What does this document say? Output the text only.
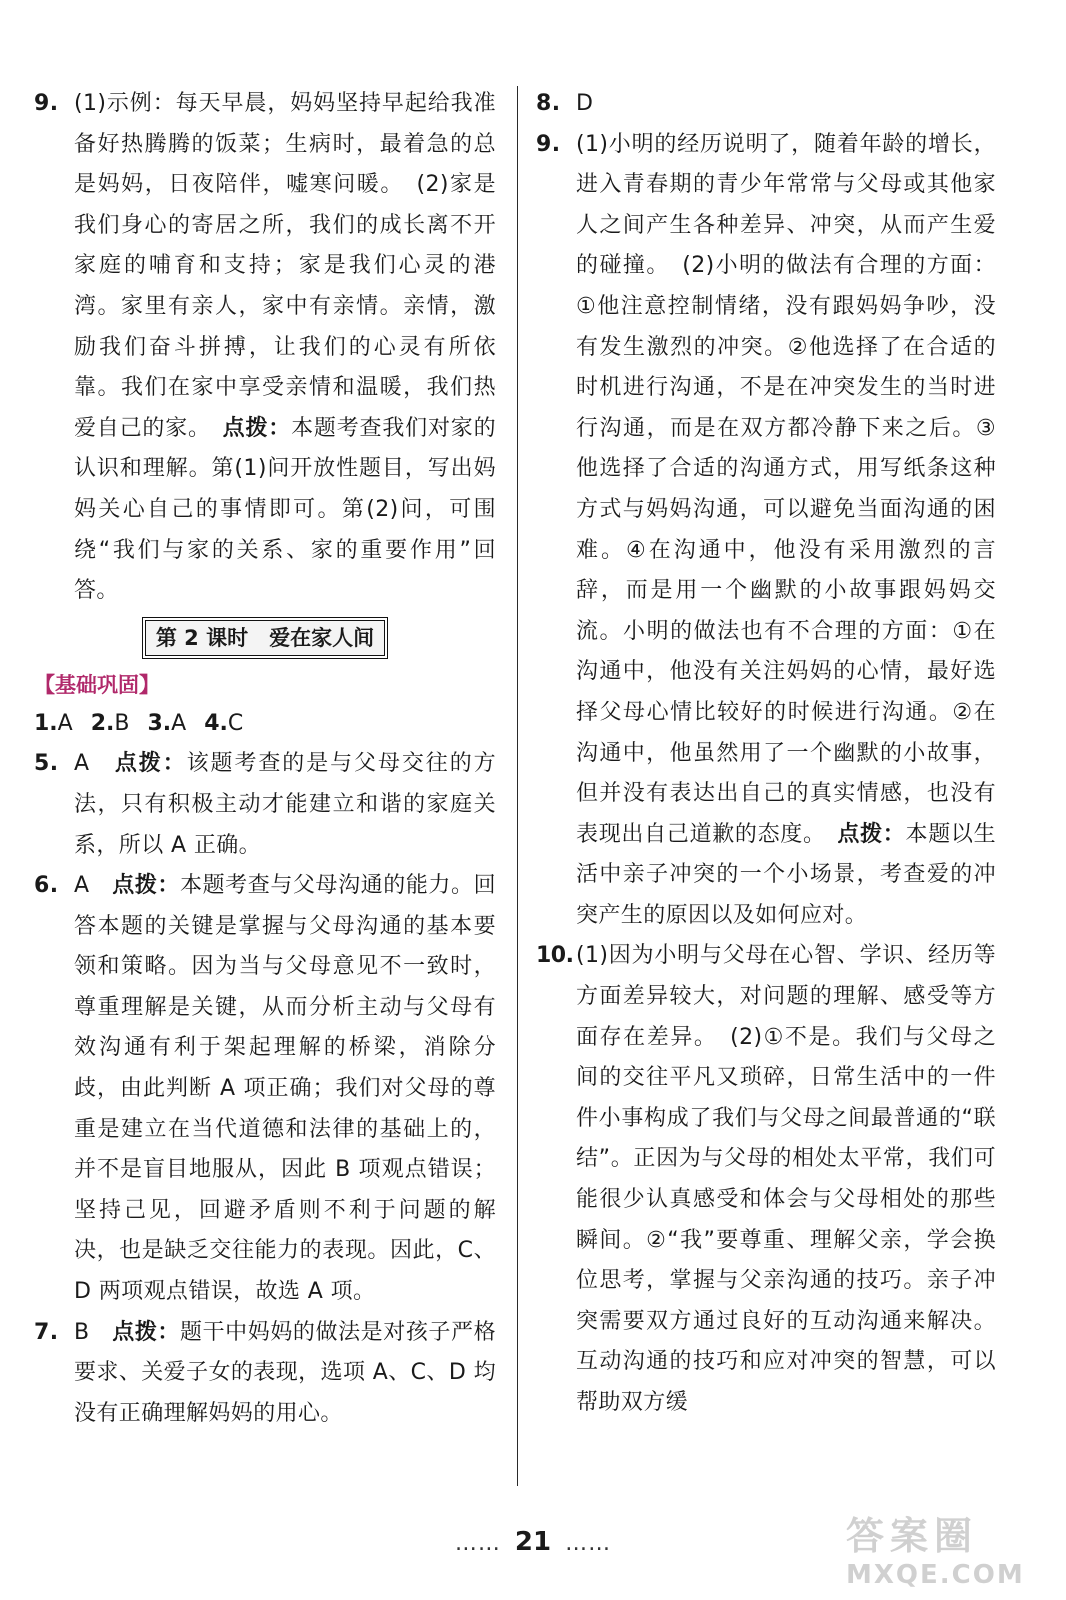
9. (1)示例：每天早晨，妈妈坚持早起给我准备好热腾腾的饭菜；生病时，最着急的总是妈妈，日夜陪伴，嘘寒问暖。　(2)家是我们身心的寄居之所，我们的成长离不开家庭的哺育和支持；家是我们心灵的港湾。家里有亲人，家中有亲情。亲情，激励我们奋斗拼搏，让我们的心灵有所依靠。我们在家中享受亲情和温暖，我们热爱自己的家。　点拨：本题考查我们对家的认识和理解。第(1)问开放性题目，写出妈妈关心自己的事情即可。第(2)问，可围绕“我们与家的关系、家的重要作用”回答。

第 2 课时　爱在家人间

【基础巩固】

1.A 2.B 3.A 4.C

5. A　点拨：该题考查的是与父母交往的方法，只有积极主动才能建立和谐的家庭关系，所以 A 正确。

6. A　点拨：本题考查与父母沟通的能力。回答本题的关键是掌握与父母沟通的基本要领和策略。因为当与父母意见不一致时，尊重理解是关键，从而分析主动与父母有效沟通有利于架起理解的桥梁，消除分歧，由此判断 A 项正确；我们对父母的尊重是建立在当代道德和法律的基础上的，并不是盲目地服从，因此 B 项观点错误；坚持己见，回避矛盾则不利于问题的解决，也是缺乏交往能力的表现。因此，C、D 两项观点错误，故选 A 项。

7. B　点拨：题干中妈妈的做法是对孩子严格要求、关爱子女的表现，选项 A、C、D 均没有正确理解妈妈的用心。

8. D

9. (1)小明的经历说明了，随着年龄的增长，进入青春期的青少年常常与父母或其他家人之间产生各种差异、冲突，从而产生爱的碰撞。　(2)小明的做法有合理的方面：①他注意控制情绪，没有跟妈妈争吵，没有发生激烈的冲突。②他选择了在合适的时机进行沟通，不是在冲突发生的当时进行沟通，而是在双方都冷静下来之后。③他选择了合适的沟通方式，用写纸条这种方式与妈妈沟通，可以避免当面沟通的困难。④在沟通中，他没有采用激烈的言辞，而是用一个幽默的小故事跟妈妈交流。小明的做法也有不合理的方面：①在沟通中，他没有关注妈妈的心情，最好选择父母心情比较好的时候进行沟通。②在沟通中，他虽然用了一个幽默的小故事，但并没有表达出自己的真实情感，也没有表现出自己道歉的态度。　点拨：本题以生活中亲子冲突的一个小场景，考查爱的冲突产生的原因以及如何应对。

10. (1)因为小明与父母在心智、学识、经历等方面差异较大，对问题的理解、感受等方面存在差异。　(2)①不是。我们与父母之间的交往平凡又琐碎，日常生活中的一件件小事构成了我们与父母之间最普通的“联结”。正因为与父母的相处太平常，我们可能很少认真感受和体会与父母相处的那些瞬间。②“我”要尊重、理解父亲，学会换位思考，掌握与父亲沟通的技巧。亲子冲突需要双方通过良好的互动沟通来解决。互动沟通的技巧和应对冲突的智慧，可以帮助双方缓

…… 21 ……	答案圈
MXQE.COM
